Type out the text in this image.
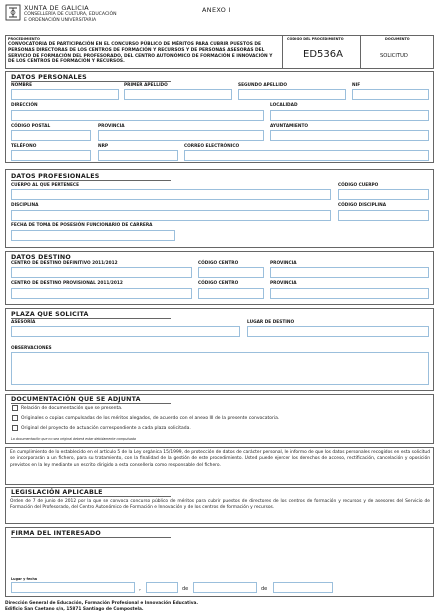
XUNTA DE GALICIA
CONSELLERÍA DE CULTURA, EDUCACIÓN
E ORDENACIÓN UNIVERSITARIA
ANEXO I
PROCEDIMIENTO
CONVOCATORIA DE PARTICIPACIÓN EN EL CONCURSO PÚBLICO DE MÉRITOS PARA CUBRIR PUESTOS DE PERSONAS DIRECTORAS DE LOS CENTROS DE FORMACIÓN Y RECURSOS Y DE PERSONAS ASESORAS DEL SERVICIO DE FORMACIÓN DEL PROFESORADO, DEL CENTRO AUTONÓMICO DE FORMACIÓN E INNOVACIÓN Y DE LOS CENTROS DE FORMACIÓN Y RECURSOS.
CÓDIGO DEL PROCEDIMIENTO
ED536A
DOCUMENTO
SOLICITUD
DATOS PERSONALES
NOMBRE	PRIMER APELLIDO	SEGUNDO APELLIDO	NIF
DIRECCIÓN	LOCALIDAD
CÓDIGO POSTAL	PROVINCIA	AYUNTAMIENTO
TELÉFONO	NRP	CORREO ELECTRÓNICO
DATOS PROFESIONALES
CUERPO AL QUE PERTENECE	CÓDIGO CUERPO
DISCIPLINA	CÓDIGO DISCIPLINA
FECHA DE TOMA DE POSESIÓN FUNCIONARIO DE CARRERA
DATOS DESTINO
CENTRO DE DESTINO DEFINITIVO 2011/2012	CÓDIGO CENTRO	PROVINCIA
CENTRO DE DESTINO PROVISIONAL 2011/2012	CÓDIGO CENTRO	PROVINCIA
PLAZA QUE SOLICITA
ASESORÍA	LUGAR DE DESTINO
OBSERVACIONES
DOCUMENTACIÓN QUE SE ADJUNTA
Relación de documentación que se presenta.
Originales o copias compulsadas de los méritos alegados, de acuerdo con el anexo III de la presente convocatoria.
Original del proyecto de actuación correspondiente a cada plaza solicitada.
La documentación que no sea original deberá estar debidamente compulsada
En cumplimiento de lo establecido en el artículo 5 de la Ley orgánica 15/1999, de protección de datos de carácter personal, le informo de que los datos personales recogidos en esta solicitud se incorporarán a un fichero, para su tratamiento, con la finalidad de la gestión de este procedimiento. Usted puede ejercer los derechos de acceso, rectificación, cancelación y oposición previstos en la ley mediante un escrito dirigido a esta consellería como responsable del fichero.
LEGISLACIÓN APLICABLE
Orden de 7 de junio de 2012 por la que se convoca concurso público de méritos para cubrir puestos de directores de los centros de formación y recursos y de asesores del Servicio de Formación del Profesorado, del Centro Autonómico de Formación e Innovación y de los centros de formación y recursos.
FIRMA DEL INTERESADO
Lugar y fecha
,	de	de
Dirección General de Educación, Formación Profesional e Innovación Educativa.
Edificio San Caetano s/n, 15871 Santiago de Compostela.
